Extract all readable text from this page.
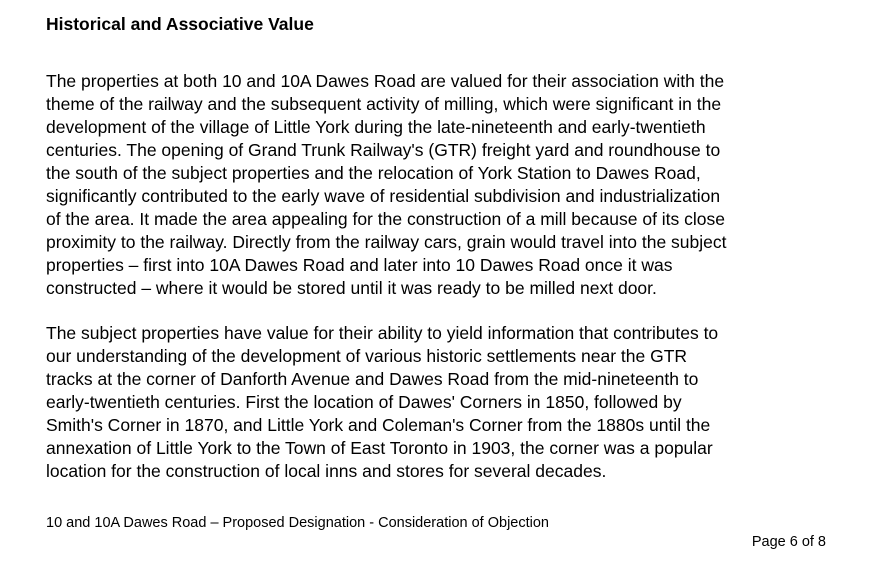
Historical and Associative Value
The properties at both 10 and 10A Dawes Road are valued for their association with the
theme of the railway and the subsequent activity of milling, which were significant in the
development of the village of Little York during the late-nineteenth and early-twentieth
centuries. The opening of Grand Trunk Railway's (GTR) freight yard and roundhouse to
the south of the subject properties and the relocation of York Station to Dawes Road,
significantly contributed to the early wave of residential subdivision and industrialization
of the area. It made the area appealing for the construction of a mill because of its close
proximity to the railway. Directly from the railway cars, grain would travel into the subject
properties – first into 10A Dawes Road and later into 10 Dawes Road once it was
constructed – where it would be stored until it was ready to be milled next door.
The subject properties have value for their ability to yield information that contributes to
our understanding of the development of various historic settlements near the GTR
tracks at the corner of Danforth Avenue and Dawes Road from the mid-nineteenth to
early-twentieth centuries. First the location of Dawes' Corners in 1850, followed by
Smith's Corner in 1870, and Little York and Coleman's Corner from the 1880s until the
annexation of Little York to the Town of East Toronto in 1903, the corner was a popular
location for the construction of local inns and stores for several decades.
10 and 10A Dawes Road – Proposed Designation - Consideration of Objection
Page 6 of 8
